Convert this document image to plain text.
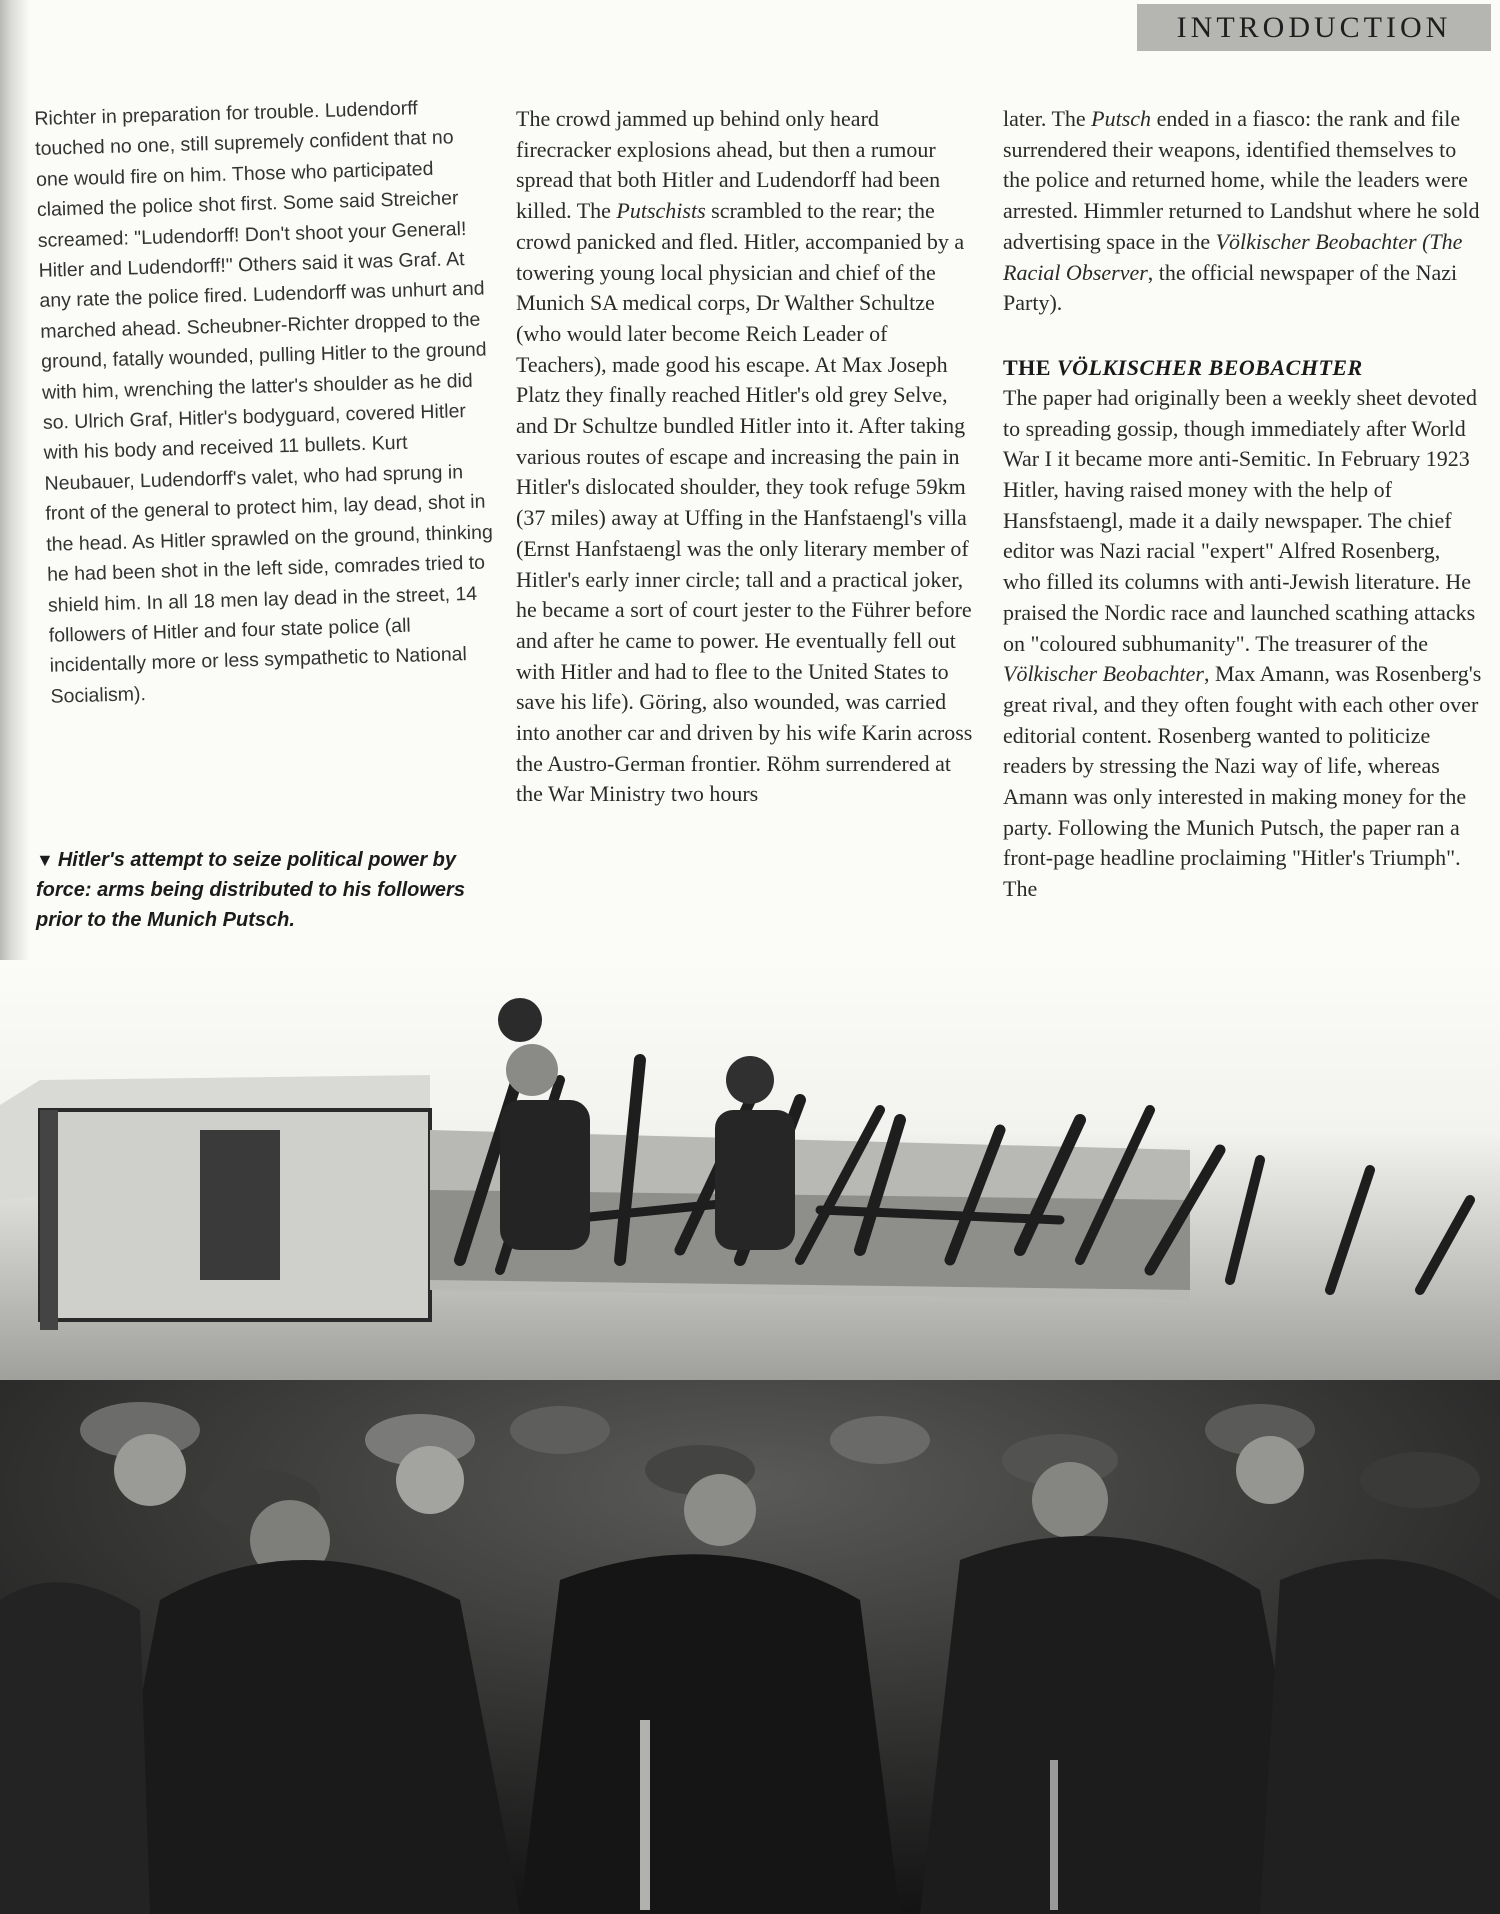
INTRODUCTION

Richter in preparation for trouble. Ludendorff touched no one, still supremely confident that no one would fire on him. Those who participated claimed the police shot first. Some said Streicher screamed: "Ludendorff! Don't shoot your General! Hitler and Ludendorff!" Others said it was Graf. At any rate the police fired. Ludendorff was unhurt and marched ahead. Scheubner-Richter dropped to the ground, fatally wounded, pulling Hitler to the ground with him, wrenching the latter's shoulder as he did so. Ulrich Graf, Hitler's bodyguard, covered Hitler with his body and received 11 bullets. Kurt Neubauer, Ludendorff's valet, who had sprung in front of the general to protect him, lay dead, shot in the head. As Hitler sprawled on the ground, thinking he had been shot in the left side, comrades tried to shield him. In all 18 men lay dead in the street, 14 followers of Hitler and four state police (all incidentally more or less sympathetic to National Socialism).

▼ Hitler's attempt to seize political power by force: arms being distributed to his followers prior to the Munich Putsch.

The crowd jammed up behind only heard firecracker explosions ahead, but then a rumour spread that both Hitler and Ludendorff had been killed. The Putschists scrambled to the rear; the crowd panicked and fled. Hitler, accompanied by a towering young local physician and chief of the Munich SA medical corps, Dr Walther Schultze (who would later become Reich Leader of Teachers), made good his escape. At Max Joseph Platz they finally reached Hitler's old grey Selve, and Dr Schultze bundled Hitler into it. After taking various routes of escape and increasing the pain in Hitler's dislocated shoulder, they took refuge 59km (37 miles) away at Uffing in the Hanfstaengl's villa (Ernst Hanfstaengl was the only literary member of Hitler's early inner circle; tall and a practical joker, he became a sort of court jester to the Führer before and after he came to power. He eventually fell out with Hitler and had to flee to the United States to save his life). Göring, also wounded, was carried into another car and driven by his wife Karin across the Austro-German frontier. Röhm surrendered at the War Ministry two hours

later. The Putsch ended in a fiasco: the rank and file surrendered their weapons, identified themselves to the police and returned home, while the leaders were arrested. Himmler returned to Landshut where he sold advertising space in the Völkischer Beobachter (The Racial Observer, the official newspaper of the Nazi Party).

THE VÖLKISCHER BEOBACHTER

The paper had originally been a weekly sheet devoted to spreading gossip, though immediately after World War I it became more anti-Semitic. In February 1923 Hitler, having raised money with the help of Hansfstaengl, made it a daily newspaper. The chief editor was Nazi racial "expert" Alfred Rosenberg, who filled its columns with anti-Jewish literature. He praised the Nordic race and launched scathing attacks on "coloured subhumanity". The treasurer of the Völkischer Beobachter, Max Amann, was Rosenberg's great rival, and they often fought with each other over editorial content. Rosenberg wanted to politicize readers by stressing the Nazi way of life, whereas Amann was only interested in making money for the party. Following the Munich Putsch, the paper ran a front-page headline proclaiming "Hitler's Triumph". The
